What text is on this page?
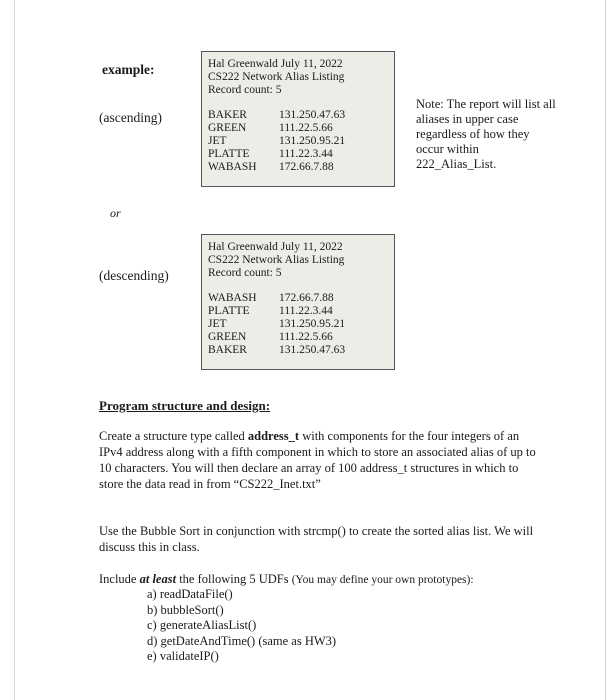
example:
(ascending)
Hal Greenwald July 11, 2022
CS222 Network Alias Listing
Record count: 5
BAKER	131.250.47.63
GREEN	111.22.5.66
JET	131.250.95.21
PLATTE	111.22.3.44
WABASH	172.66.7.88
Note: The report will list all
aliases in upper case
regardless of how they
occur within
222_Alias_List.
or
(descending)
Hal Greenwald July 11, 2022
CS222 Network Alias Listing
Record count: 5
WABASH	172.66.7.88
PLATTE	111.22.3.44
JET	131.250.95.21
GREEN	111.22.5.66
BAKER	131.250.47.63
Program structure and design:
Create a structure type called address_t with components for the four integers of an IPv4 address along with a fifth component in which to store an associated alias of up to 10 characters. You will then declare an array of 100 address_t structures in which to store the data read in from “CS222_Inet.txt”
Use the Bubble Sort in conjunction with strcmp() to create the sorted alias list. We will discuss this in class.
Include at least the following 5 UDFs (You may define your own prototypes):
a) readDataFile()
b) bubbleSort()
c) generateAliasList()
d) getDateAndTime() (same as HW3)
e) validateIP()
